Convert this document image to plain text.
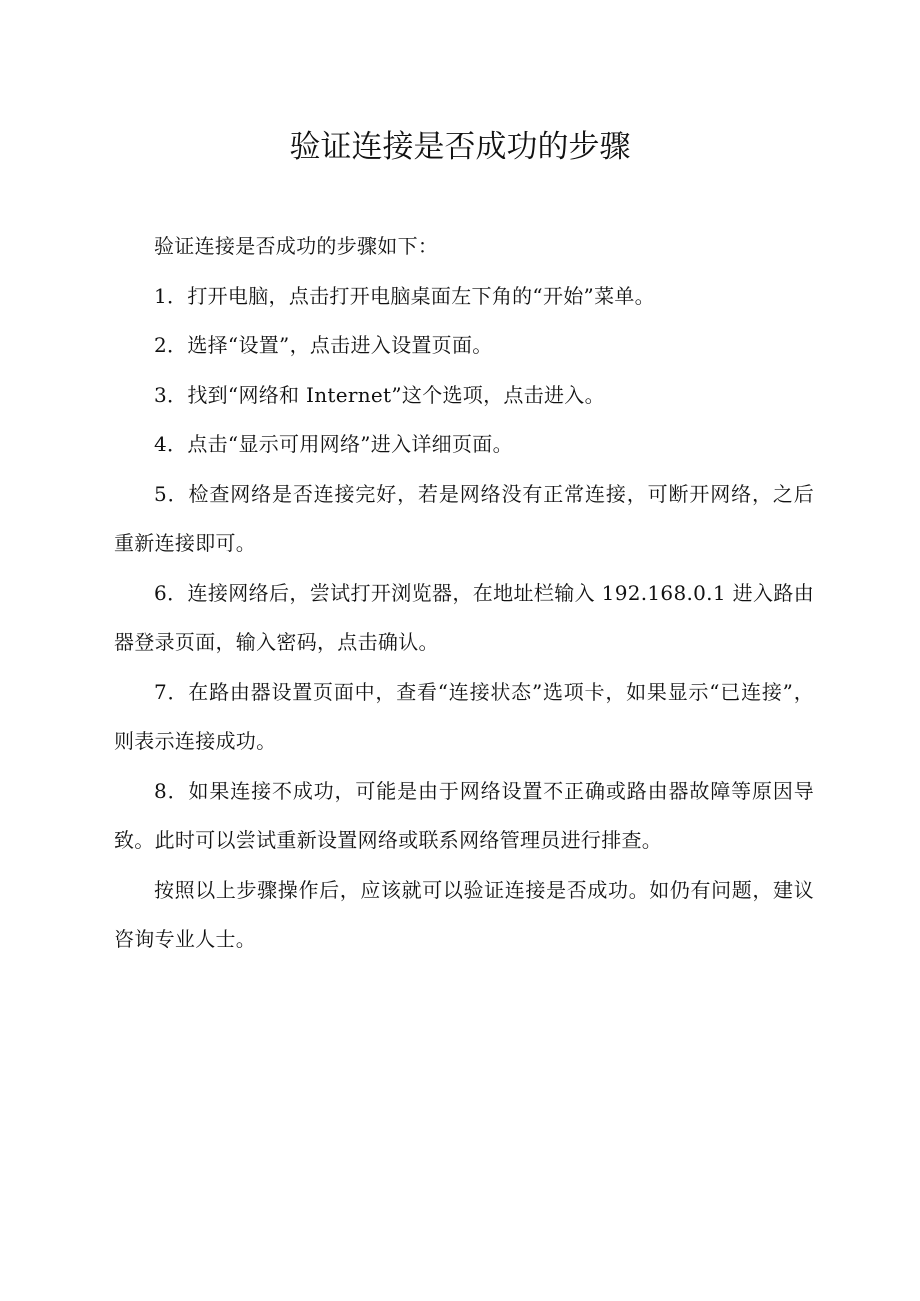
验证连接是否成功的步骤

验证连接是否成功的步骤如下：

1．打开电脑，点击打开电脑桌面左下角的“开始”菜单。

2．选择“设置”，点击进入设置页面。

3．找到“网络和 Internet”这个选项，点击进入。

4．点击“显示可用网络”进入详细页面。

5．检查网络是否连接完好，若是网络没有正常连接，可断开网络，之后重新连接即可。

6．连接网络后，尝试打开浏览器，在地址栏输入 192.168.0.1 进入路由器登录页面，输入密码，点击确认。

7．在路由器设置页面中，查看“连接状态”选项卡，如果显示“已连接”，则表示连接成功。

8．如果连接不成功，可能是由于网络设置不正确或路由器故障等原因导致。此时可以尝试重新设置网络或联系网络管理员进行排查。

按照以上步骤操作后，应该就可以验证连接是否成功。如仍有问题，建议咨询专业人士。
